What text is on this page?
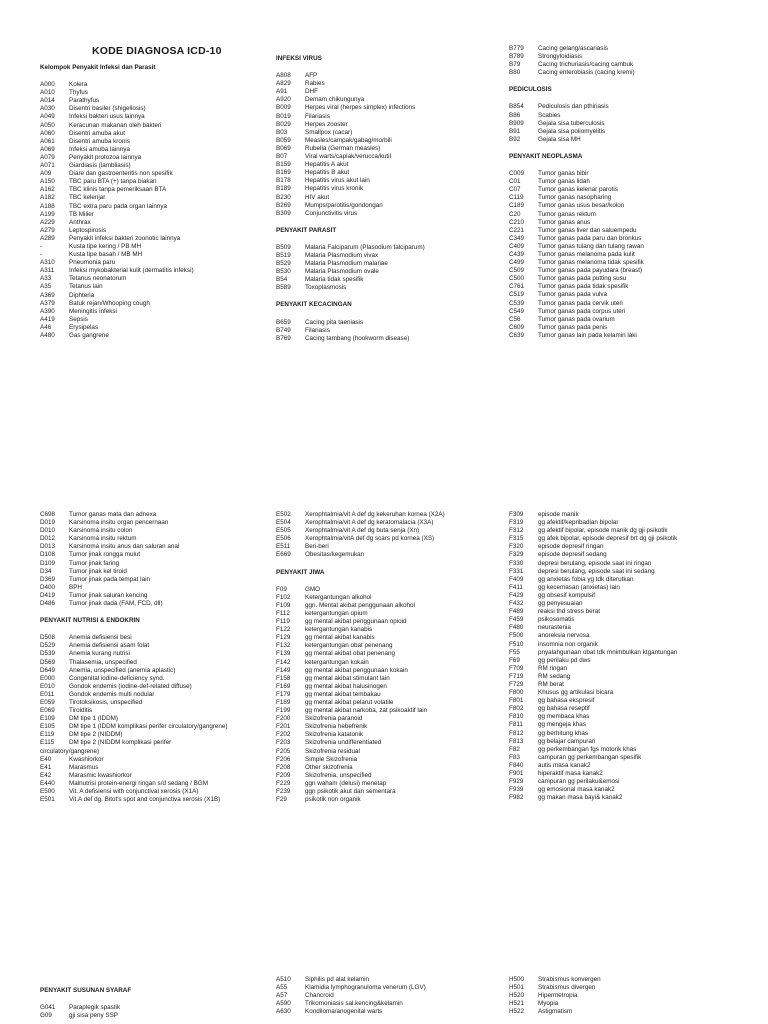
KODE DIAGNOSA ICD-10
Kelompok Penyakit Infeksi dan Parasit
A000	Kolera
A010	Thyfus
A014	Parathyfus
A030	Disentri basiler (shigellosis)
A049	Infeksi bakteri usus lainnya
A050	Keracunan makanan oleh bakteri
A060	Disentri amuba akut
A061	Disentri amuba kronis
A069	Infeksi amuba lainnya
A079	Penyakit protozoa lainnya
A071	Giardiasis (lambliasis)
A09	Diare dan gastroenteritis non spesifik
A150	TBC paru BTA (+) tanpa biakan
A162	TBC klinis tanpa pemeriksaan BTA
A182	TBC kelenjar
A188	TBC extra paru pada organ lainnya
A199	TB Milier
A229	Anthrax
A279	Leptospirosis
A289	Penyakit infeksi bakteri zoonotic lainnya
-	Kusta tipe kering / PB MH
-	Kusta tipe basah / MB MH
A310	Pneumonia paru
A311	Infeksi mykobakterial kulit (dermatitis infeksi)
A33	Tetanus neonatorum
A35	Tetanus lain
A369	Diphteria
A379	Batuk rejan/Whooping cough
A390	Meningitis infeksi
A419	Sepsis
A46	Erysipelas
A480	Gas gangrene
INFEKSI VIRUS
A808	AFP
A829	Rabies
A91	DHF
A920	Demam chikungunya
B009	Herpes viral (herpes simplex) infections
B019	Filariasis
B029	Herpes zooster
B03	Smallpox (cacar)
B059	Measles/campak/gabag/morbili
B069	Rubella (German measles)
B07	Viral warts/caplak/verucca/kutil
B159	Hepatitis A akut
B169	Hepatitis B akut
B178	Hepatitis virus akut lain
B189	Hepatitis virus kronik
B230	HIV akut
B269	Mumps/parotitis/gondongan
B309	Conjunctivitis virus
PENYAKIT PARASIT
B509	Malaria Falciparum (Plasodium falciparum)
B519	Malaria Plasmodium vivax
B529	Malaria Plasmodium malariae
B530	Malaria Plasmodium ovale
B54	Malaria tidak spesifik
B589	Toxoplasmosis
PENYAKIT KECACINGAN
B659	Cacing pita taeniasis
B749	Filariasis
B769	Cacing tambang (hookworm disease)
B779	Cacing gelang/ascariasis
B789	Strongyloidiasis
B79	Cacing trichuriasis/cacing cambuk
B80	Cacing enterobiasis (cacing kremi)
PEDICULOSIS
B854	Pediculosis dan pthiriasis
B86	Scabies
B909	Gejala sisa tuberculosis
B91	Gejala sisa poliomyelitis
B92	Gejala sisa MH
PENYAKIT NEOPLASMA
C009	Tumor ganas bibir
C01	Tumor ganas lidah
C07	Tumor ganas kelenar parotis
C119	Tumor ganas nasopharing
C189	Tumor ganas usus besar/kolon
C20	Tumor ganas rektum
C210	Tumor ganas anus
C221	Tumor ganas liver dan saluempedu
C349	Tumor ganas pada paru dan bronkus
C409	Tumor ganas tulang dan tulang rawan
C439	Tumor ganas melanoma pada kulit
C499	Tumor ganas melanoma tidak spesifik
C509	Tumor ganas pada payudara (breast)
C500	Tumor ganas pada putting susu
C761	Tumor ganas pada tidak spesifik
C519	Tumor ganas pada vulva
C539	Tumor ganas pada cervik uteri
C549	Tumor ganas pada corpus uteri
C56	Tumor ganas pada ovarium
C609	Tumor ganas pada penis
C639	Tumor ganas lain pada kelamin laki
C698	Tumor ganas mata dan adnexa
D019	Karsinoma insitu organ pencernaan
D010	Karsinoma insitu colon
D012	Karsinoma insitu rektum
D013	Karsinoma insitu anus dan saluran anal
D108	Tumor jinak rongga mulut
D109	Tumor jinak faring
D34	Tumor jinak kel tiroid
D369	Tumor jinak pada tempat lain
D400	BPH
D419	Tumor jinak saluran kencing
D486	Tumor jinak dada (FAM, FCD, dll)
PENYAKIT NUTRISI & ENDOKRIN
D508	Anemia defisiensi besi
D529	Anemia defisiensi asam folat
D539	Anemia kurang nutrisi
D569	Thalasemia, unspecified
D649	Anemia, unspecified (anemia aplastic)
E000	Congenital iodine-deficiency synd.
E010	Gondok endemis (iodine-def-related diffuse)
E011	Gondok endemis multi nodular
E059	Tirotoksikosis, unspecified
E069	Tiroiditis
E109	DM tipe 1 (IDDM)
E105	DM tipe 1 (IDDM komplikasi perifer circulatory/gangrene)
E119	DM tipe 2 (NIDDM)
E115	DM tipe 2 (NIDDM komplikasi perifer
circulatory/gangrene)
E40	Kwashiorkor
E41	Marasmus
E42	Marasmic kwashiorkor
E440	Malnutrisi protein-energi ringan s/d sedang / BGM
E500	Vit. A defisiensi with conjunctival xerosis (X1A)
E501	Vit.A def dg. Bitot's spot and conjunctiva xerosis (X1B)
E502	Xerophtalmia/vit A def dg kekeruhan kornea (X2A)
E504	Xerophtalmia/vit A def dg keratomalacia (X3A)
E505	Xerophtalmia/vit A def dg buta senja (Xn)
E506	Xerophtalmia/vitA def dg scars pd kornea (XS)
E511	Beri-beri
E669	Obesitas/kegemukan
PENYAKIT JIWA
F09	GMO
F102	Ketergantungan alkohol
F109	ggn. Mental akibat penggunaan alkohol
F112	ketergantungan opium
F119	gg mental akibat penggunaan opioid
F122	ketergantungan kanabis
F129	gg mental akibat kanabis
F132	ketergantungan obat penenang
F139	gg mental akibat obat penenang
F142	ketergantungan kokain
F149	gg mental akibat penggunaan kokain
F158	gg mental akibat stimulant lain
F169	gg mental akibat halusinogen
F179	gg mental akibat tembakau
F189	gg mental akibat pelarut volatile
F199	gg mental akibat narkoba, zat psikoaktif lain
F200	Skizofrenia paranoid
F201	Skizofrenia hebefrenik
F202	Skizofrenia katatonik
F203	Skizofrenia undifferentiated
F205	Skizofrenia residual
F206	Simple Skizofrenia
F208	Other skizofrenia
F209	Skizofrenia, unspecified
F229	ggn waham (delusi) menetap
F239	ggn psikotik akut dan sementara
F29	psikotik non organik
F309	episode manik
F319	gg afektif/kepribadian bipolar
F312	gg afektif bipolar, episode manik dg gji psikotik
F315	gg afek bipolar, episode depresif brt dg gji psikotik
F320	episode depresif ringan
F329	episode depresif sedang
F330	depresi berulang, episode saat ini ringan
F331	depresi berulang, episode saat ini sedang
F409	gg anxietas fobia yg tdk diterutkan
F411	gg kecemasan (anxietas) lain
F429	gg obsesif kompulsif
F432	gg penyesuaian
F489	reaksi thd stress berat
F459	psikosomatis
F480	neurastenia
F500	anoreksia nervosa
F510	insomnia non organik
F55	pnyalahgunaan obat tdk mnimbulkan ktgantungan
F69	gg perilaku pd dws
F709	RM ringan
F719	RM sedang
F729	RM berat
F800	Khusus gg artikulasi bicara
F801	gg bahasa ekspresif
F802	gg bahasa reseptif
F810	gg membaca khas
F811	gg mengeja khas
F812	gg berhitung khas
F813	gg belajar campuran
F82	gg perkembangan fgs motorik khas
F83	campuran gg perkembangan spesifik
F840	autis masa kanak2
F901	hiperaktif masa kanak2
F929	campuran gg perilaku&emosi
F939	gg emosional masa kanak2
F982	gg makan masa bayi& kanak2
PENYAKIT SUSUNAN SYARAF
G041	Paraplegik spastik
G09	gji sisa peny SSP
A510	Siphilis pd alat kelamin
A55	Klamidia lymphogranuloma venerum (LGV)
A57	Chancroid
A590	Trikomoniasis sal.kencing&kelamin
A630	Kondiloma/anogenital warts
H500	Strabismus konvergen
H501	Strabismus divergen
H520	Hipermetropia
H521	Myopia
H522	Astigmatism
